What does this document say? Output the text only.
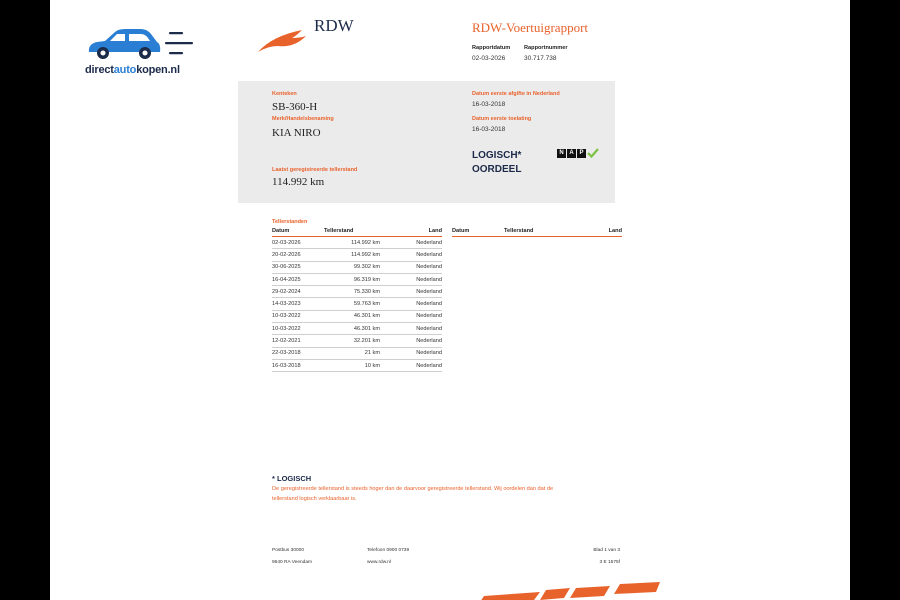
directautokopen.nl
RDW	RDW-Voertuigrapport
Rapportdatum
02-03-2026
Rapportnummer
30.717.738
Kenteken
SB-360-H
Merk/Handelsbenaming
KIA NIRO
Laatst geregistreerde tellerstand
114.992 km
Datum eerste afgifte in Nederland
16-03-2018
Datum eerste toelating
16-03-2018
LOGISCH*
OORDEEL
N A P
Tellerstanden
Datum	Tellerstand	Land
02-03-2026	114.992 km	Nederland
20-02-2026	114.992 km	Nederland
30-06-2025	99.302 km	Nederland
16-04-2025	96.319 km	Nederland
29-02-2024	75.330 km	Nederland
14-03-2023	59.763 km	Nederland
10-03-2022	46.301 km	Nederland
10-03-2022	46.301 km	Nederland
12-02-2021	32.201 km	Nederland
22-03-2018	21 km	Nederland
16-03-2018	10 km	Nederland
Datum	Tellerstand	Land
* LOGISCH
De geregistreerde tellerstand is steeds hoger dan de daarvoor geregistreerde tellerstand. Wij oordelen dan dat de
tellerstand logisch verklaarbaar is.
Postbus 30000
9640 RA Veendam
Telefoon 0900 0739
www.rdw.nl
Blad 1 van 3
3 E 1575f
